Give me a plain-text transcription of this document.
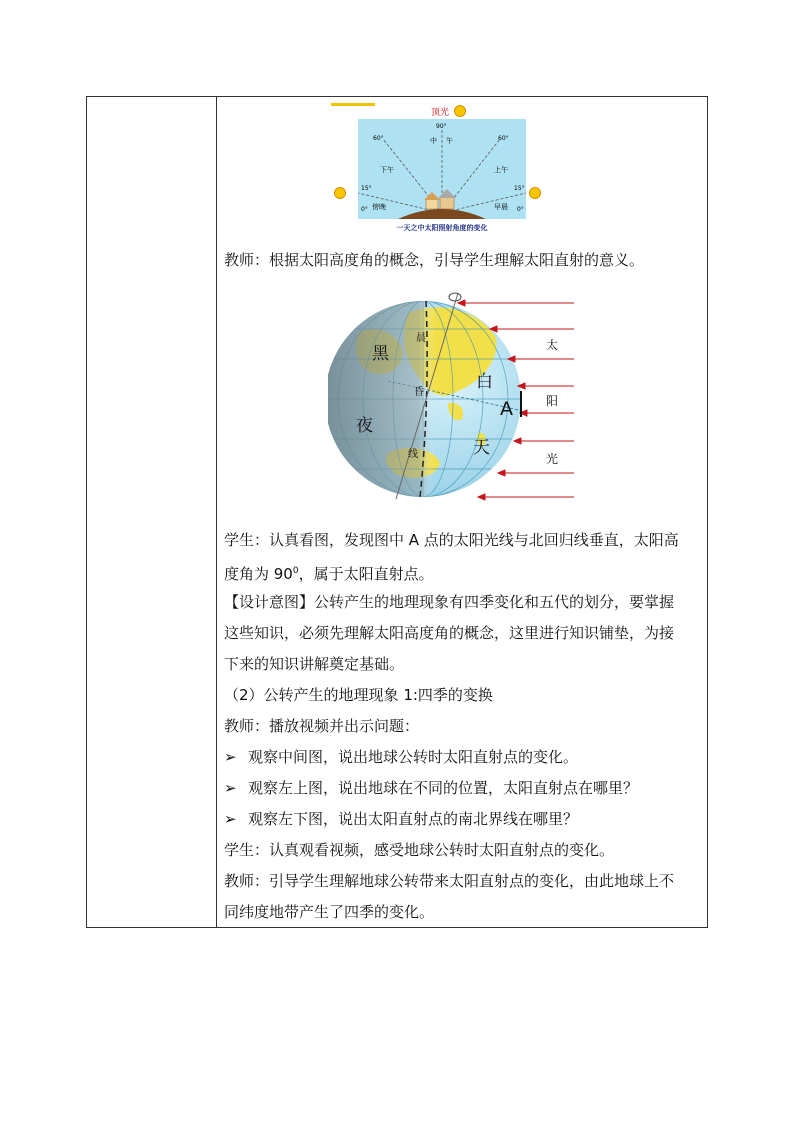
顶光
90°
60°	60°
中 午
下午	上午
15°	15°
0°	0°
傍晚	早晨
一天之中太阳照射角度的变化
教师：根据太阳高度角的概念，引导学生理解太阳直射的意义。
黑
夜
白
天
A
晨
昏
线
太
阳
光
学生：认真看图，发现图中 A 点的太阳光线与北回归线垂直，太阳高
度角为 $90^0$，属于太阳直射点。
【设计意图】公转产生的地理现象有四季变化和五代的划分，要掌握
这些知识，必须先理解太阳高度角的概念，这里进行知识铺垫，为接
下来的知识讲解奠定基础。
（2）公转产生的地理现象 1:四季的变换
教师：播放视频并出示问题：
➢ 观察中间图，说出地球公转时太阳直射点的变化。
➢ 观察左上图，说出地球在不同的位置，太阳直射点在哪里？
➢ 观察左下图，说出太阳直射点的南北界线在哪里？
学生：认真观看视频，感受地球公转时太阳直射点的变化。
教师：引导学生理解地球公转带来太阳直射点的变化，由此地球上不
同纬度地带产生了四季的变化。
